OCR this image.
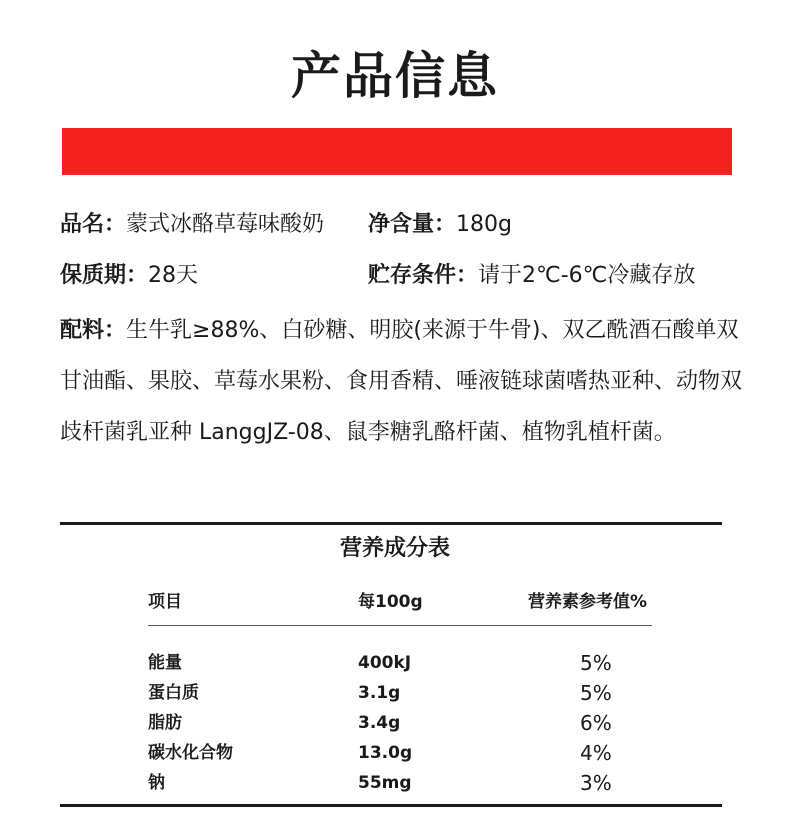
产品信息
品名：蒙式冰酪草莓味酸奶 净含量：180g
保质期：28天	贮存条件：请于2℃-6℃冷藏存放
配料：生牛乳≥88%、白砂糖、明胶(来源于牛骨)、双乙酰酒石酸单双甘油酯、果胶、草莓水果粉、食用香精、唾液链球菌嗜热亚种、动物双歧杆菌乳亚种 LanggJZ-08、鼠李糖乳酪杆菌、植物乳植杆菌。
营养成分表
项目	每100g	营养素参考值%
能量	400kJ	5%
蛋白质	3.1g	5%
脂肪	3.4g	6%
碳水化合物	13.0g	4%
钠	55mg	3%
